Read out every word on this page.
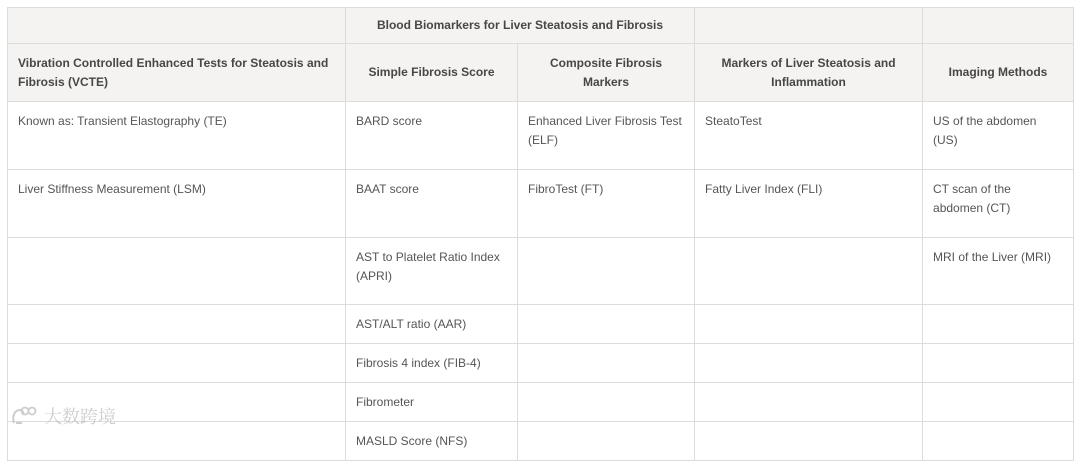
	Blood Biomarkers for Liver Steatosis and Fibrosis			
Vibration Controlled Enhanced Tests for Steatosis and Fibrosis (VCTE)	Simple Fibrosis Score	Composite Fibrosis Markers	Markers of Liver Steatosis and Inflammation	Imaging Methods
Known as: Transient Elastography (TE)	BARD score	Enhanced Liver Fibrosis Test (ELF)	SteatoTest	US of the abdomen (US)
Liver Stiffness Measurement (LSM)	BAAT score	FibroTest (FT)	Fatty Liver Index (FLI)	CT scan of the abdomen (CT)
	AST to Platelet Ratio Index (APRI)			MRI of the Liver (MRI)
	AST/ALT ratio (AAR)			
	Fibrosis 4 index (FIB-4)			
	Fibrometer			
	MASLD Score (NFS)			
大数跨境
